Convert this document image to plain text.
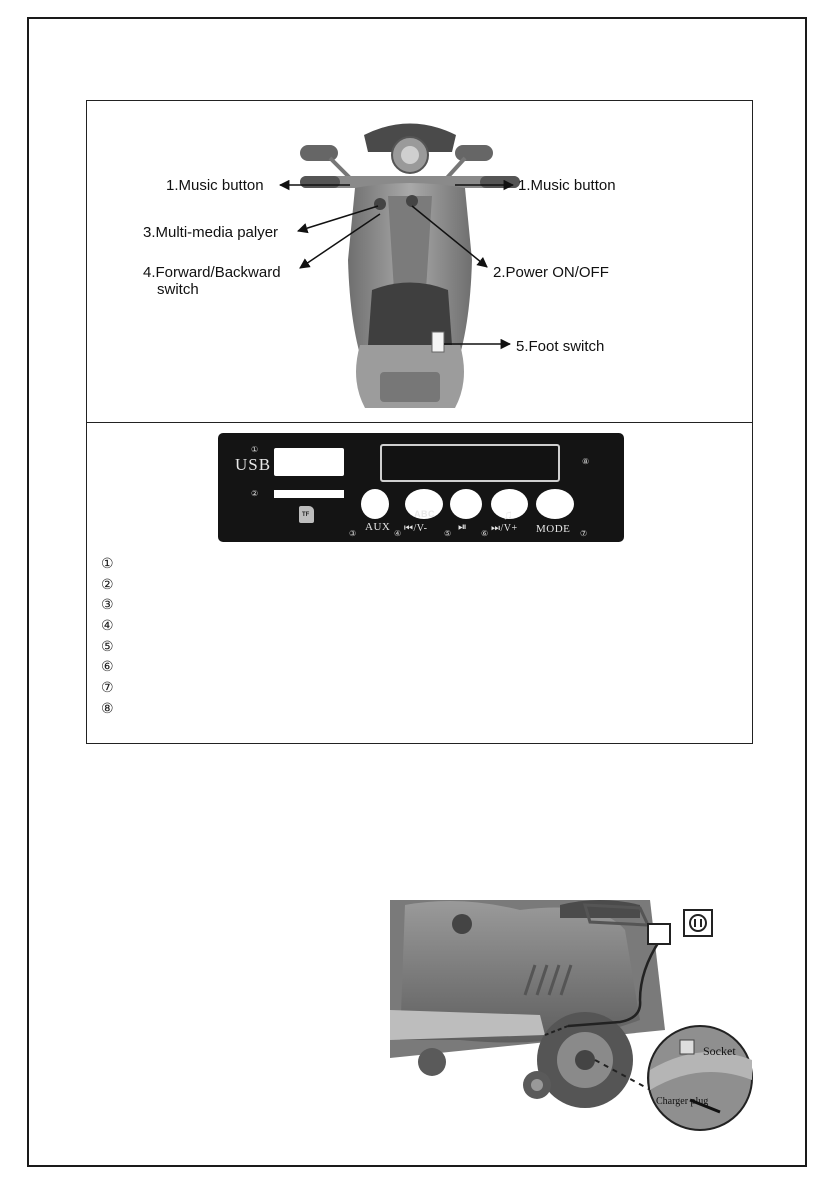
1.Music button	1.Music button
3.Multi-media palyer
4.Forward/Backward
switch
2.Power ON/OFF
5.Foot switch
①
USB
②
TF
⑧
③
AUX
④
ABC
⏮/V- ⑤
⏯
⑥
♫
⏭/V+ MODE ⑦
①
②
③
④
⑤
⑥
⑦
⑧
Socket
Charger plug
